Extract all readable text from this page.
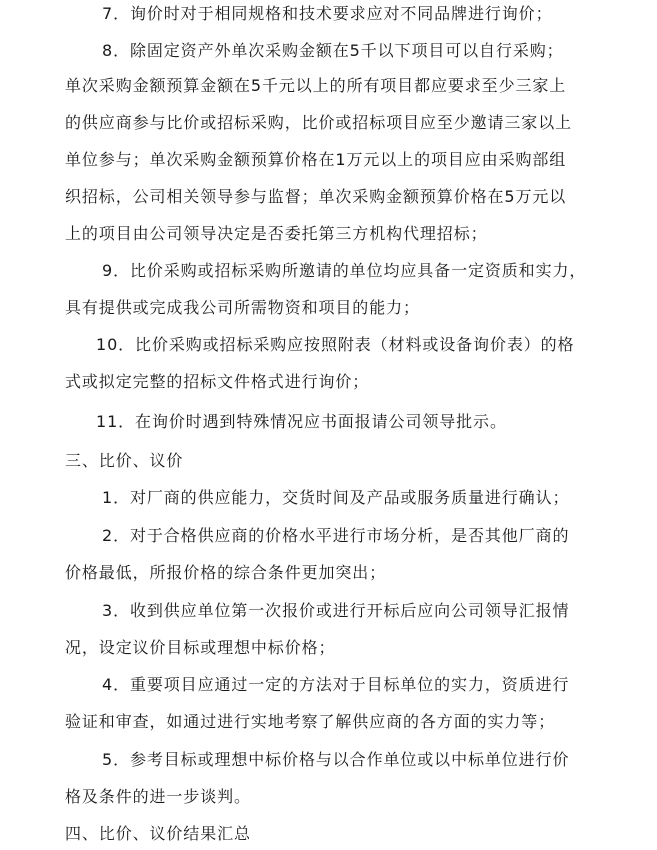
7．询价时对于相同规格和技术要求应对不同品牌进行询价；
8．除固定资产外单次采购金额在5千以下项目可以自行采购；
单次采购金额预算金额在5千元以上的所有项目都应要求至少三家上
的供应商参与比价或招标采购，比价或招标项目应至少邀请三家以上
单位参与；单次采购金额预算价格在1万元以上的项目应由采购部组
织招标，公司相关领导参与监督；单次采购金额预算价格在5万元以
上的项目由公司领导决定是否委托第三方机构代理招标；
9．比价采购或招标采购所邀请的单位均应具备一定资质和实力，
具有提供或完成我公司所需物资和项目的能力；
10．比价采购或招标采购应按照附表（材料或设备询价表）的格
式或拟定完整的招标文件格式进行询价；
11．在询价时遇到特殊情况应书面报请公司领导批示。
三、比价、议价
1．对厂商的供应能力，交货时间及产品或服务质量进行确认；
2．对于合格供应商的价格水平进行市场分析，是否其他厂商的
价格最低，所报价格的综合条件更加突出；
3．收到供应单位第一次报价或进行开标后应向公司领导汇报情
况，设定议价目标或理想中标价格；
4．重要项目应通过一定的方法对于目标单位的实力，资质进行
验证和审查，如通过进行实地考察了解供应商的各方面的实力等；
5．参考目标或理想中标价格与以合作单位或以中标单位进行价
格及条件的进一步谈判。
四、比价、议价结果汇总
